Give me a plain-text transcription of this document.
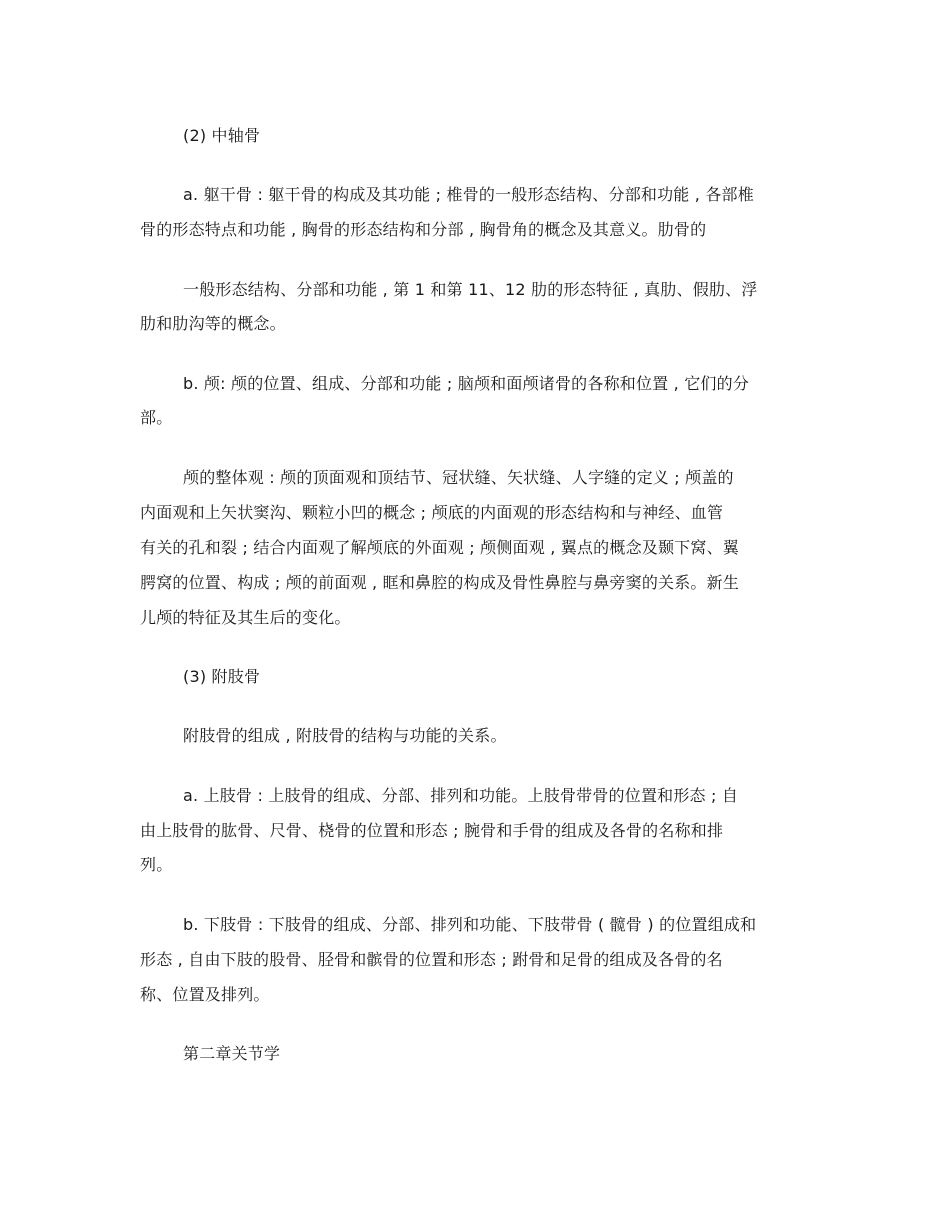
(2) 中轴骨
a. 躯干骨 : 躯干骨的构成及其功能 ; 椎骨的一般形态结构、分部和功能 , 各部椎
骨的形态特点和功能 , 胸骨的形态结构和分部 , 胸骨角的概念及其意义。肋骨的
一般形态结构、分部和功能 , 第 1 和第 11、12 肋的形态特征 , 真肋、假肋、浮
肋和肋沟等的概念。
b. 颅: 颅的位置、组成、分部和功能 ; 脑颅和面颅诸骨的各称和位置 , 它们的分
部。
颅的整体观 : 颅的顶面观和顶结节、冠状缝、矢状缝、人字缝的定义 ; 颅盖的
内面观和上矢状窦沟、颗粒小凹的概念 ; 颅底的内面观的形态结构和与神经、血管
有关的孔和裂 ; 结合内面观了解颅底的外面观 ; 颅侧面观 , 翼点的概念及颞下窝、翼
腭窝的位置、构成 ; 颅的前面观 , 眶和鼻腔的构成及骨性鼻腔与鼻旁窦的关系。新生
儿颅的特征及其生后的变化。
(3) 附肢骨
附肢骨的组成 , 附肢骨的结构与功能的关系。
a. 上肢骨 : 上肢骨的组成、分部、排列和功能。上肢骨带骨的位置和形态 ; 自
由上肢骨的肱骨、尺骨、桡骨的位置和形态 ; 腕骨和手骨的组成及各骨的名称和排
列。
b. 下肢骨 : 下肢骨的组成、分部、排列和功能、下肢带骨 ( 髋骨 ) 的位置组成和
形态 , 自由下肢的股骨、胫骨和髌骨的位置和形态 ; 跗骨和足骨的组成及各骨的名
称、位置及排列。
第二章关节学
